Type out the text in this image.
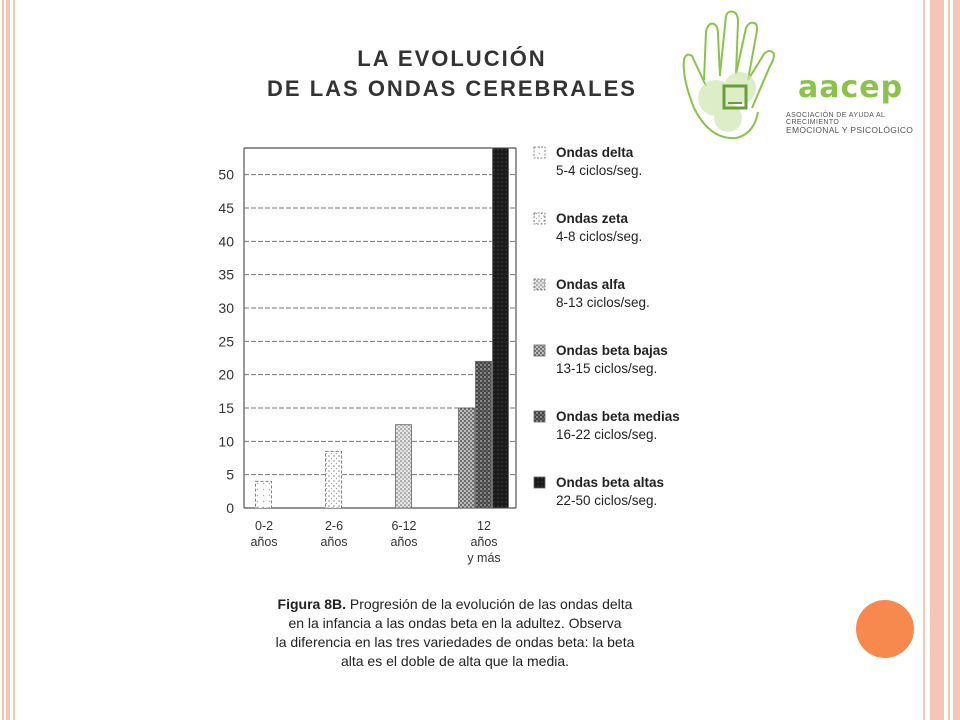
LA EVOLUCIÓN
DE LAS ONDAS CEREBRALES	aacep
ASOCIACIÓN DE AYUDA AL CRECIMIENTO
EMOCIONAL Y PSICOLÓGICO
0
5
10
15
20
25
30
35
40
45
50
0-2
años
2-6
años
6-12
años
12
años
y más
Ondas delta
5-4 ciclos/seg.
Ondas zeta
4-8 ciclos/seg.
Ondas alfa
8-13 ciclos/seg.
Ondas beta bajas
13-15 ciclos/seg.
Ondas beta medias
16-22 ciclos/seg.
Ondas beta altas
22-50 ciclos/seg.
Figura 8B. Progresión de la evolución de las ondas delta
en la infancia a las ondas beta en la adultez. Observa
la diferencia en las tres variedades de ondas beta: la beta
alta es el doble de alta que la media.
